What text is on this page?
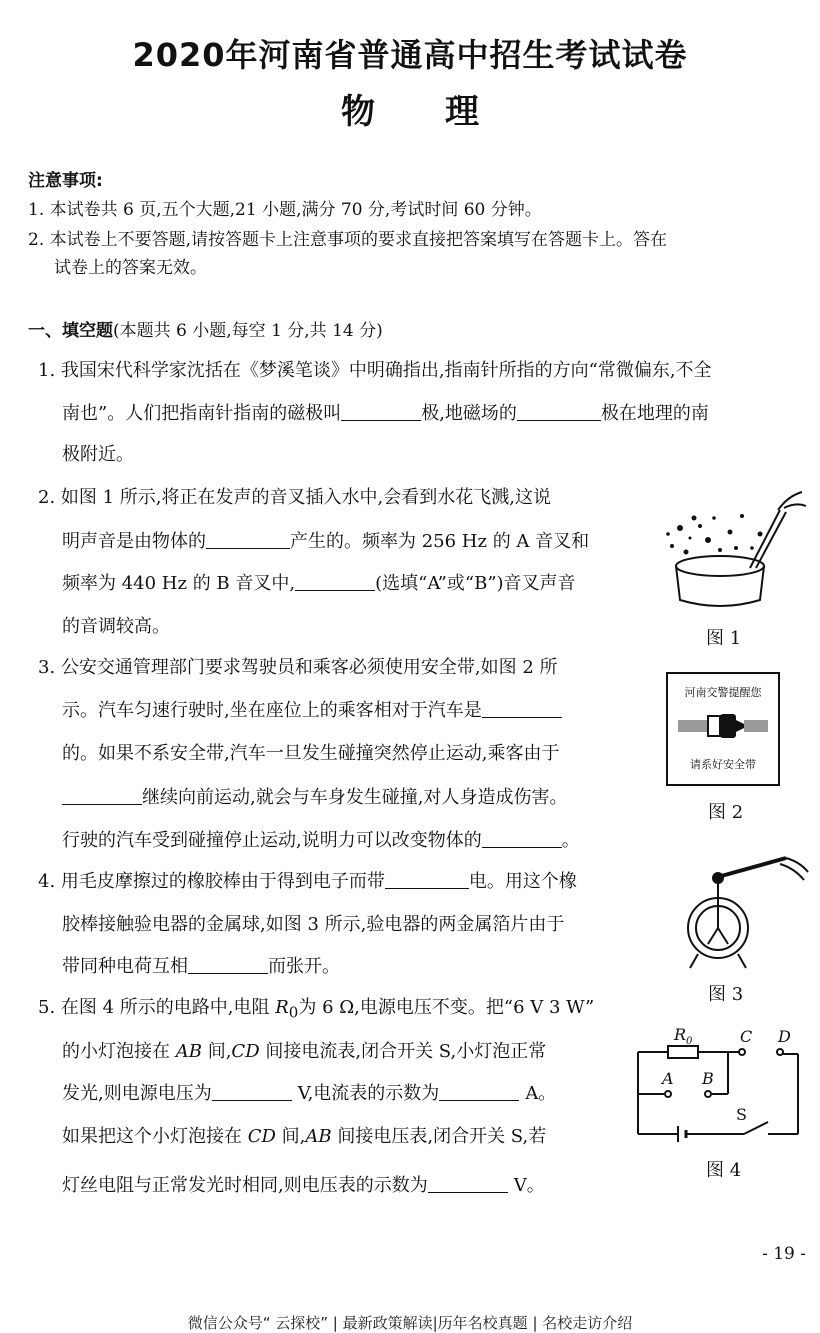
2020年河南省普通高中招生考试试卷
物理
注意事项:
1. 本试卷共 6 页,五个大题,21 小题,满分 70 分,考试时间 60 分钟。
2. 本试卷上不要答题,请按答题卡上注意事项的要求直接把答案填写在答题卡上。答在
试卷上的答案无效。
一、填空题(本题共 6 小题,每空 1 分,共 14 分)
1. 我国宋代科学家沈括在《梦溪笔谈》中明确指出,指南针所指的方向“常微偏东,不全
南也”。人们把指南针指南的磁极叫	极,地磁场的	极在地理的南
极附近。
2. 如图 1 所示,将正在发声的音叉插入水中,会看到水花飞溅,这说
明声音是由物体的	产生的。频率为 256 Hz 的 A 音叉和
频率为 440 Hz 的 B 音叉中,	(选填“A”或“B”)音叉声音
的音调较高。
图 1
3. 公安交通管理部门要求驾驶员和乘客必须使用安全带,如图 2 所
示。汽车匀速行驶时,坐在座位上的乘客相对于汽车是
的。如果不系安全带,汽车一旦发生碰撞突然停止运动,乘客由于
继续向前运动,就会与车身发生碰撞,对人身造成伤害。
行驶的汽车受到碰撞停止运动,说明力可以改变物体的	。
河南交警提醒您
请系好安全带
图 2
4. 用毛皮摩擦过的橡胶棒由于得到电子而带	电。用这个橡
胶棒接触验电器的金属球,如图 3 所示,验电器的两金属箔片由于
带同种电荷互相	而张开。
图 3
5. 在图 4 所示的电路中,电阻 $R_0$为 6 Ω,电源电压不变。把“6 V 3 W”
的小灯泡接在 AB 间,CD 间接电流表,闭合开关 S,小灯泡正常
发光,则电源电压为	V,电流表的示数为	A。
如果把这个小灯泡接在 CD 间,AB 间接电压表,闭合开关 S,若
灯丝电阻与正常发光时相同,则电压表的示数为	V。
R 0
A B
C D
S
图 4
- 19 -
微信公众号“ 云探校” | 最新政策解读|历年名校真题 | 名校走访介绍
